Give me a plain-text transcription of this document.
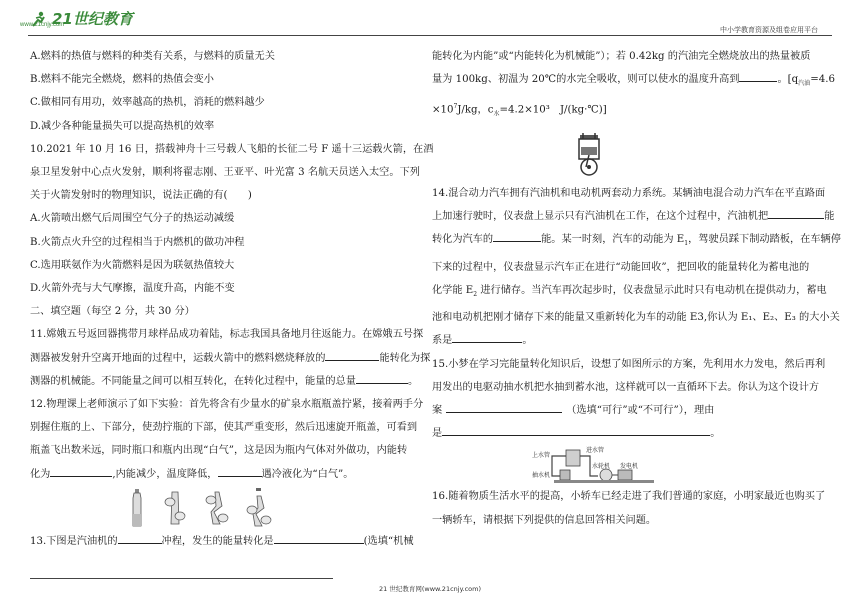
21世纪教育
www.21cnjy.com
中小学教育资源及组卷应用平台
A.燃料的热值与燃料的种类有关系，与燃料的质量无关
B.燃料不能完全燃烧，燃料的热值会变小
C.做相同有用功，效率越高的热机，消耗的燃料越少
D.减少各种能量损失可以提高热机的效率
10.2021 年 10 月 16 日，搭载神舟十三号载人飞船的长征二号 F 遥十三运载火箭，在酒
泉卫星发射中心点火发射，顺利将翟志刚、王亚平、叶光富 3 名航天员送入太空。下列
关于火箭发射时的物理知识，说法正确的有(　　)
A.火箭喷出燃气后周围空气分子的热运动减缓
B.火箭点火升空的过程相当于内燃机的做功冲程
C.选用联氨作为火箭燃料是因为联氨热值较大
D.火箭外壳与大气摩擦，温度升高，内能不变
二、填空题（每空 2 分，共 30 分）
11.嫦娥五号返回器携带月球样品成功着陆，标志我国具备地月往返能力。在嫦娥五号探
测器被发射升空离开地面的过程中，运载火箭中的燃料燃烧释放的	能转化为探
测器的机械能。不同能量之间可以相互转化，在转化过程中，能量的总量	。
12.物理课上老师演示了如下实验：首先将含有少量水的矿泉水瓶瓶盖拧紧，接着两手分
别握住瓶的上、下部分，使劲拧瓶的下部，使其严重变形，然后迅速旋开瓶盖，可看到
瓶盖飞出数米远，同时瓶口和瓶内出现“白气”，这是因为瓶内气体对外做功，内能转
化为	,内能减少，温度降低，	遇冷液化为“白气”。
13.下图是汽油机的	冲程，发生的能量转化是	(选填“机械
能转化为内能”或“内能转化为机械能”）；若 0.42kg 的汽油完全燃烧放出的热量被质
量为 100kg、初温为 20℃的水完全吸收，则可以使水的温度升高到	。[$q_{汽油}=4.6$
$\times 10^7J/kg$，$c_水=4.2\times 10^3$　J/(kg·℃)]
14.混合动力汽车拥有汽油机和电动机两套动力系统。某辆油电混合动力汽车在平直路面
上加速行驶时，仪表盘上显示只有汽油机在工作，在这个过程中，汽油机把	能
转化为汽车的	能。某一时刻，汽车的动能为 $E_1$，驾驶员踩下制动踏板，在车辆停
下来的过程中，仪表盘显示汽车正在进行“动能回收”，把回收的能量转化为蓄电池的
化学能 $E_2$ 进行储存。当汽车再次起步时，仪表盘显示此时只有电动机在提供动力，蓄电
池和电动机把刚才储存下来的能量又重新转化为车的动能 E3,你认为 E₁、E₂、E₃ 的大小关
系是	。
15.小梦在学习完能量转化知识后，设想了如图所示的方案，先利用水力发电，然后再利
用发出的电驱动抽水机把水抽到蓄水池，这样就可以一直循环下去。你认为这个设计方
案	（选填“可行”或“不可行”），理由
是	。
上水管
进水管
抽水机
水轮机 发电机
16.随着物质生活水平的提高，小轿车已经走进了我们普通的家庭，小明家最近也购买了
一辆轿车，请根据下列提供的信息回答相关问题。
21 世纪教育网(www.21cnjy.com)
